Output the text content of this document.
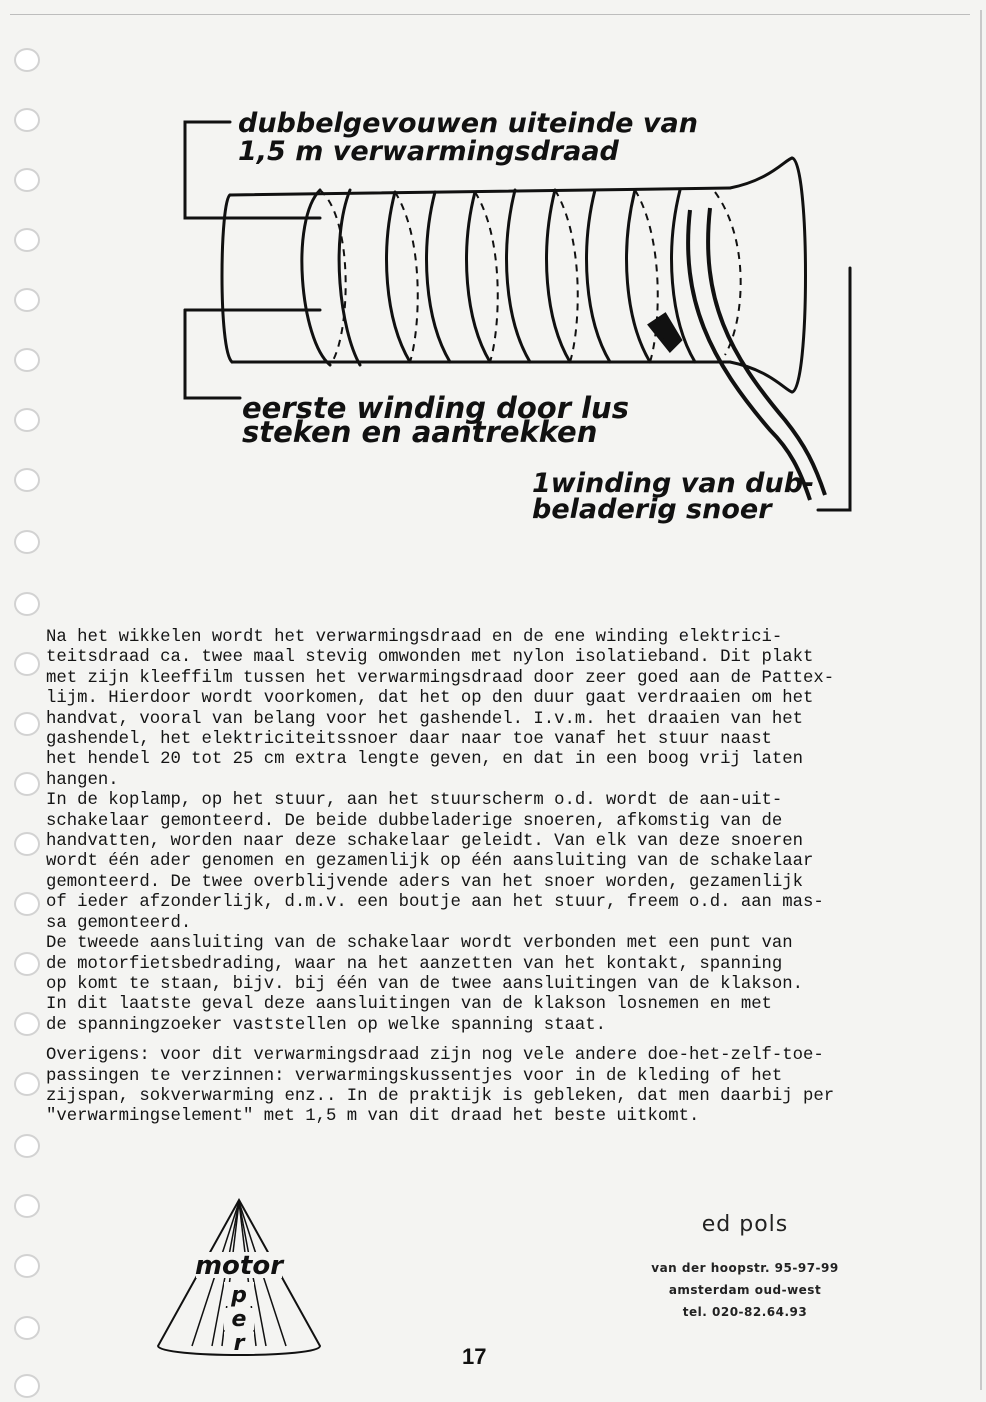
dubbelgevouwen uiteinde van
1,5 m verwarmingsdraad
eerste winding door lus
steken en aantrekken
1winding van dub-
beladerig snoer

Na het wikkelen wordt het verwarmingsdraad en de ene winding elektrici-

teitsdraad ca. twee maal stevig omwonden met nylon isolatieband. Dit plakt

met zijn kleeffilm tussen het verwarmingsdraad door zeer goed aan de Pattex-

lijm. Hierdoor wordt voorkomen, dat het op den duur gaat verdraaien om het

handvat, vooral van belang voor het gashendel. I.v.m. het draaien van het

gashendel, het elektriciteitssnoer daar naar toe vanaf het stuur naast

het hendel 20 tot 25 cm extra lengte geven, en dat in een boog vrij laten

hangen.

In de koplamp, op het stuur, aan het stuurscherm o.d. wordt de aan-uit-

schakelaar gemonteerd. De beide dubbeladerige snoeren, afkomstig van de

handvatten, worden naar deze schakelaar geleidt. Van elk van deze snoeren

wordt één ader genomen en gezamenlijk op één aansluiting van de schakelaar

gemonteerd. De twee overblijvende aders van het snoer worden, gezamenlijk

of ieder afzonderlijk, d.m.v. een boutje aan het stuur, freem o.d. aan mas-

sa gemonteerd.

De tweede aansluiting van de schakelaar wordt verbonden met een punt van

de motorfietsbedrading, waar na het aanzetten van het kontakt, spanning

op komt te staan, bijv. bij één van de twee aansluitingen van de klakson.

In dit laatste geval deze aansluitingen van de klakson losnemen en met

de spanningzoeker vaststellen op welke spanning staat.

Overigens: voor dit verwarmingsdraad zijn nog vele andere doe-het-zelf-toe-

passingen te verzinnen: verwarmingskussentjes voor in de kleding of het

zijspan, sokverwarming enz.. In de praktijk is gebleken, dat men daarbij per

"verwarmingselement" met 1,5 m van dit draad het beste uitkomt.

motor
p
e
r
ed pols
van der hoopstr. 95-97-99
amsterdam oud-west
tel. 020-82.64.93
17
